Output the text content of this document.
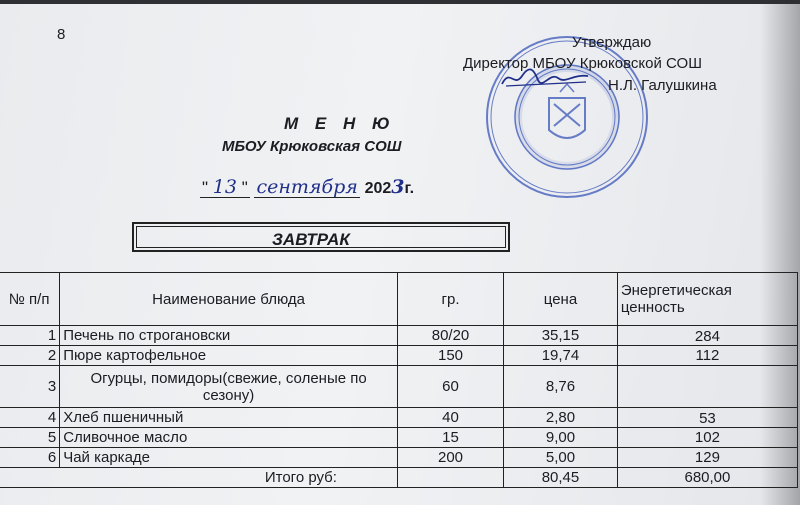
8	Утверждаю
Директор МБОУ Крюковской СОШ
Н.Л. Галушкина
М Е Н Ю
МБОУ Крюковская СОШ
" 13 " сентября 2023г.
ЗАВТРАК
№ п/п	Наименование блюда	гр.	цена	Энергетическая ценность
1	Печень по строгановски	80/20	35,15	284
2	Пюре картофельное	150	19,74	112
3	Огурцы, помидоры(свежие, соленые по сезону)	60	8,76	
4	Хлеб пшеничный	40	2,80	53
5	Сливочное масло	15	9,00	102
6	Чай каркаде	200	5,00	129
Итого руб:			80,45	680,00
